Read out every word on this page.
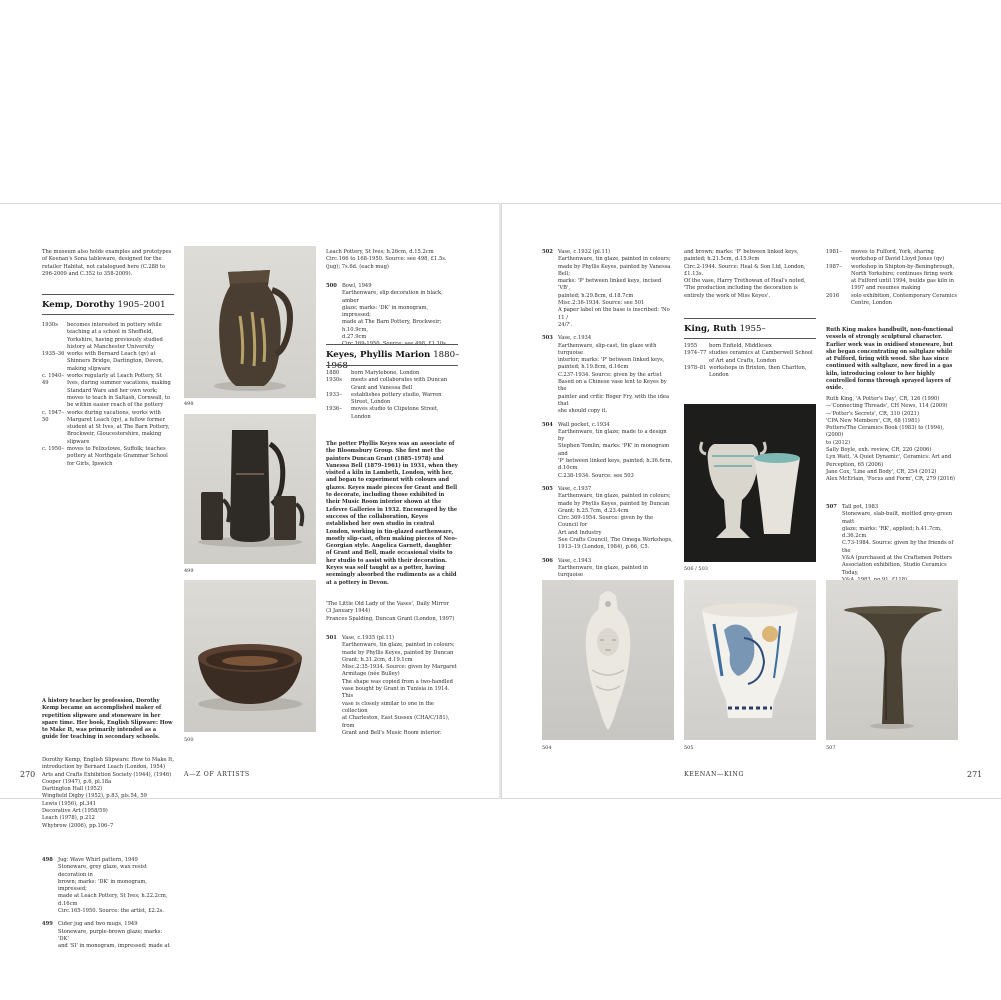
The museum also holds examples and prototypes of Keenan's Sona tableware, designed for the retailer Habitat, not catalogued here (C.288 to 296-2009 and C.352 to 358-2009).
Kemp, Dorothy 1905–2001
1930s	becomes interested in pottery while teaching at a school in Sheffield, Yorkshire, having previously studied history at Manchester University
1935–36 works with Bernard Leach (qv) at Shinners Bridge, Dartington, Devon, making slipware
c. 1940–49
works regularly at Leach Pottery, St Ives, during summer vacations, making Standard Ware and her own work; moves to teach in Saltash, Cornwall, to be within easier reach of the pottery
c. 1947–50
works during vacations, works with Margaret Leach (qv), a fellow former student at St Ives, at The Barn Pottery, Brockweir, Gloucestershire, making slipware
c. 1950– moves to Felixstowe, Suffolk; teaches pottery at Northgate Grammar School for Girls, Ipswich
A history teacher by profession, Dorothy Kemp became an accomplished maker of repetition slipware and stoneware in her spare time. Her book, English Slipware: How to Make It, was primarily intended as a guide for teaching in secondary schools.
Dorothy Kemp, English Slipware: How to Make It,
introduction by Bernard Leach (London, 1954)
Arts and Crafts Exhibition Society (1944), (1946)
Cooper (1947), p.6, pl.18a
Dartington Hall (1952)
Wingfield Digby (1952), p.83, pls.54, 59
Lewis (1956), pl.341
Decorative Art (1958/59)
Leach (1978), p.212
Whybrow (2006), pp.106–7
498 Jug: Wave Whirl pattern, 1949
Stoneware, grey glaze, wax resist decoration in
brown; marks: 'DK' in monogram, impressed;
made at Leach Pottery, St Ives; h.22.2cm,
d.16cm
Circ.165-1950. Source: the artist, £2.2s.
499 Cider jug and two mugs, 1949
Stoneware, purple-brown glaze; marks: 'DK'
and 'SI' in monogram, impressed; made at
498
499
500
Leach Pottery, St Ives; h.26cm, d.15.2cm
Circ.166 to 168-1950. Source: see 498, £1.5s.
(jug); 7s.6d. (each mug)
500 Bowl, 1949
Earthenware, slip decoration in black, amber
glaze; marks: 'DK' in monogram, impressed;
made at The Barn Pottery, Brockweir; h.10.9cm,
d.27.9cm
Keyes, Phyllis Marion 1880–1968
1880	born Marylebone, London
1930s	meets and collaborates with Duncan Grant and Vanessa Bell
1933–	establishes pottery studio, Warren Street, London
1936–	moves studio to Clipstone Street, London
The potter Phyllis Keyes was an associate of the Bloomsbury Group. She first met the painters Duncan Grant (1885–1978) and Vanessa Bell (1879–1961) in 1931, when they visited a kiln in Lambeth, London, with her, and began to experiment with colours and glazes. Keyes made pieces for Grant and Bell to decorate, including those exhibited in their Music Room interior shown at the Lefevre Galleries in 1932. Encouraged by the success of the collaboration, Keyes established her own studio in central London, working in tin-glazed earthenware, mostly slip-cast, often making pieces of Neo-Georgian style. Angelica Garnett, daughter of Grant and Bell, made occasional visits to her studio to assist with their decoration. Keyes was self taught as a potter, having seemingly absorbed the rudiments as a child at a pottery in Devon.
'The Little Old Lady of the Vases', Daily Mirror
(3 January 1944)
Frances Spalding, Duncan Grant (London, 1997)
501 Vase, c.1935 (pl.11)
Earthenware, tin glaze, painted in colours;
made by Phyllis Keyes, painted by Duncan
Grant; h.31.2cm, d.19.1cm
Misc.2:35-1934. Source: given by Margaret
Armitage (née Bulley)
The shape was copied from a two-handled
vase bought by Grant in Tunisia in 1914. This
vase is closely similar to one in the collection
at Charleston, East Sussex (CHA/C/181), from
Grant and Bell's Music Room interior.
A—Z OF ARTISTS
270
502 Vase, c.1932 (pl.11)
Earthenware, tin glaze, painted in colours;
made by Phyllis Keyes, painted by Vanessa Bell;
marks: 'P' between linked keys, incised 'VB',
painted; h.29.8cm, d.18.7cm
Misc.2:36-1934. Source: see 501
A paper label on the base is inscribed: 'No 11 /
24/?'.
503 Vase, c.1934
Earthenware, slip-cast, tin glaze with turquoise
interior; marks: 'P' between linked keys,
painted; h.19.8cm, d.16cm
C.237-1934. Source: given by the artist
Based on a Chinese vase lent to Keyes by the
painter and critic Roger Fry, with the idea that
she should copy it.
504 Wall pocket, c.1934
Earthenware, tin glaze; made to a design by
Stephen Tomlin; marks: 'PK' in monogram and
'P' between linked keys, painted; h.36.6cm,
d.10cm
C.238-1934. Source: see 503
505 Vase, c.1937
Earthenware, tin glaze, painted in colours;
made by Phyllis Keyes, painted by Duncan
Grant; h.25.7cm, d.23.4cm
Circ.369-1954. Source: given by the Council for
Art and Industry
See Crafts Council, The Omega Workshops,
1913–19 (London, 1984), p.66, C5.
506 Vase, c.1943
Earthenware, tin glaze, painted in turquoise
and brown; marks: 'P' between linked keys,
painted; h.21.5cm, d.15.9cm
Circ.2-1944. Source: Heal & Son Ltd, London,
£1.13s.
Of the vase, Harry Trethowan of Heal's noted,
'The production including the decoration is
entirely the work of Miss Keyes'.
King, Ruth 1955–
1955	born Enfield, Middlesex
1974–77 studies ceramics at Camberwell School of Art and Crafts, London
1978–81 workshops in Brixton, then Charlton, London
1981–	moves to Fulford, York, sharing workshop of David Lloyd Jones (qv)
1987–	workshop in Shipton-by-Beningbrough, North Yorkshire; continues firing work at Fulford until 1994, builds gas kiln in 1997 and resumes making
2016	solo exhibition, Contemporary Ceramics Centre, London
Ruth King makes handbuilt, non-functional vessels of strongly sculptural character. Earlier work was in oxidised stoneware, but she began concentrating on saltglaze while at Fulford, firing with wood. She has since continued with saltglaze, now fired in a gas kiln, introducing colour to her highly controlled forms through sprayed layers of oxide.
Ruth King, 'A Potter's Day', CR, 126 (1990)
—'Connecting Threads', CH News, 114 (2009)
—'Potter's Secrets', CR, 310 (2021)
'CPA New Members', CR, 68 (1981)
Potters/The Ceramics Book (1983) to (1994), (2000)
to (2012)
Sally Boyle, exh. review, CR, 220 (2006)
Lyn Watt, 'A Quiet Dynamic', Ceramics: Art and
Perception, 65 (2006)
Jane Cox, 'Line and Body', CR, 254 (2012)
Alex McErlain, 'Focus and Form', CR, 279 (2016)
507 Tall pot, 1983
Stoneware, slab-built, mottled grey-green matt
glaze; marks: 'RK', applied; h.41.7cm, d.36.2cm
C.73-1984. Source: given by the friends of the
V&A (purchased at the Craftsmen Potters
Association exhibition, Studio Ceramics Today,
506 / 503
504	505	507
KEENAN—KING	271
